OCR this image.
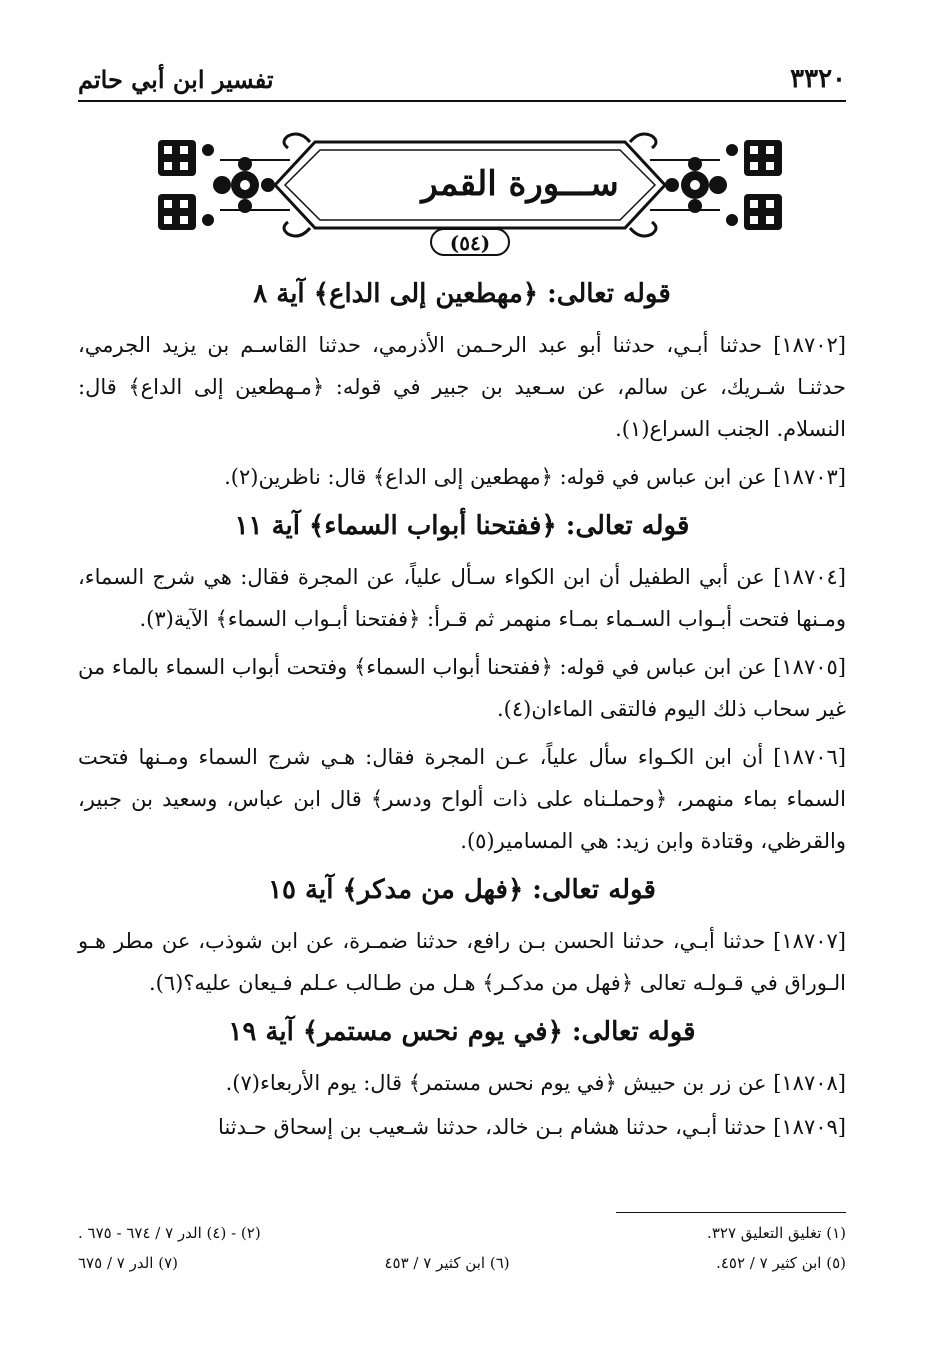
٣٣٢٠
تفسير ابن أبي حاتم
ســـورة القمر
(٥٤)
قوله تعالى: ﴿مهطعين إلى الداع﴾ آية ٨

[١٨٧٠٢] حدثنا أبـي، حدثنا أبو عبد الرحـمن الأذرمي، حدثنا القاسـم بن يزيد الجرمي، حدثنـا شـريك، عن سالم، عن سـعيد بن جبير في قوله: ﴿مـهطعين إلى الداع﴾ قال: النسلام. الجنب السراع(١).

[١٨٧٠٣] عن ابن عباس في قوله: ﴿مهطعين إلى الداع﴾ قال: ناظرين(٢).

قوله تعالى: ﴿ففتحنا أبواب السماء﴾ آية ١١

[١٨٧٠٤] عن أبي الطفيل أن ابن الكواء سـأل علياً، عن المجرة فقال: هي شرج السماء، ومـنها فتحت أبـواب السـماء بمـاء منهمر ثم قـرأ: ﴿ففتحنا أبـواب السماء﴾ الآية(٣).

[١٨٧٠٥] عن ابن عباس في قوله: ﴿ففتحنا أبواب السماء﴾ وفتحت أبواب السماء بالماء من غير سحاب ذلك اليوم فالتقى الماءان(٤).

[١٨٧٠٦] أن ابن الكـواء سأل علياً، عـن المجرة فقال: هـي شرج السماء ومـنها فتحت السماء بماء منهمر، ﴿وحملـناه على ذات ألواح ودسر﴾ قال ابن عباس، وسعيد بن جبير، والقرظي، وقتادة وابن زيد: هي المسامير(٥).

قوله تعالى: ﴿فهل من مدكر﴾ آية ١٥

[١٨٧٠٧] حدثنا أبـي، حدثنا الحسن بـن رافع، حدثنا ضمـرة، عن ابن شوذب، عن مطر هـو الـوراق في قـولـه تعالى ﴿فهل من مدكـر﴾ هـل من طـالب عـلم فـيعان عليه؟(٦).

قوله تعالى: ﴿في يوم نحس مستمر﴾ آية ١٩

[١٨٧٠٨] عن زر بن حبيش ﴿في يوم نحس مستمر﴾ قال: يوم الأربعاء(٧).

[١٨٧٠٩] حدثنا أبـي، حدثنا هشام بـن خالد، حدثنا شـعيب بن إسحاق حـدثنا

(١) تغليق التعليق ٣٢٧.
(٢) - (٤) الدر ٧ / ٦٧٤ - ٦٧٥ .
(٥) ابن كثير ٧ / ٤٥٢.
(٦) ابن كثير ٧ / ٤٥٣
(٧) الدر ٧ / ٦٧٥
